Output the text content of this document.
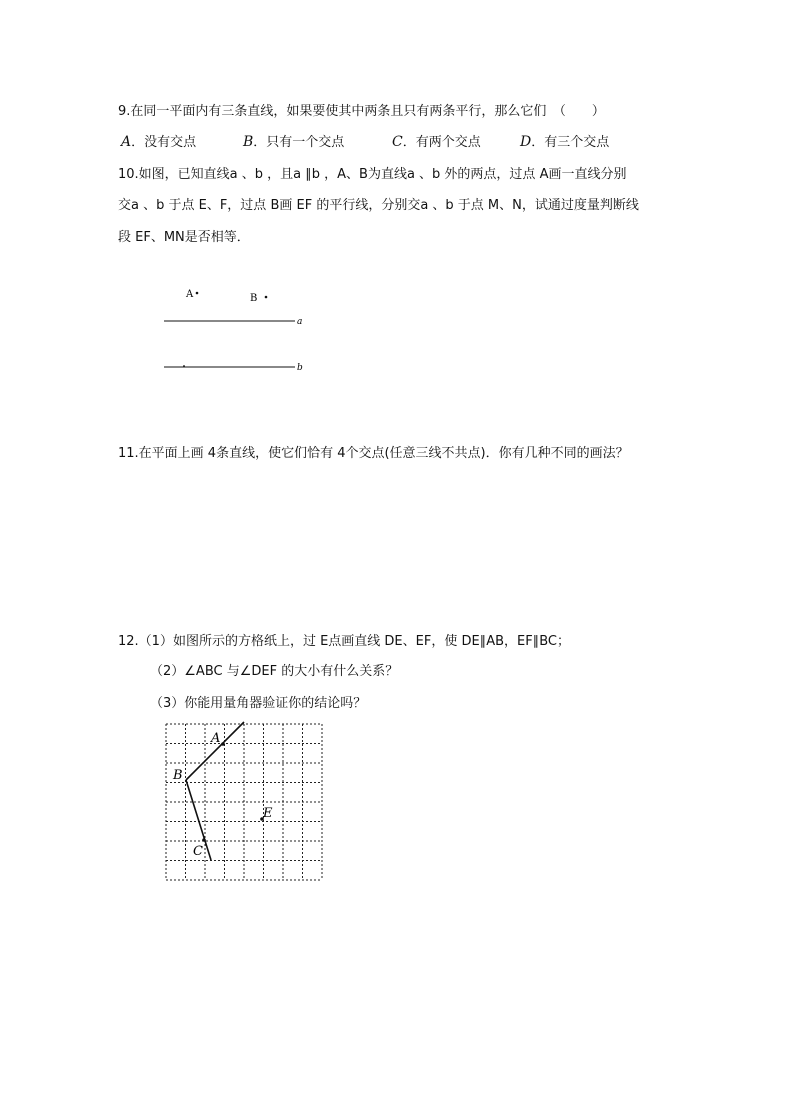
9.在同一平面内有三条直线，如果要使其中两条且只有两条平行，那么它们　（　　）
A．没有交点	B．只有一个交点	C．有两个交点	D．有三个交点
10.如图，已知直线a 、b ，且a ∥b ，A、B为直线a 、b 外的两点，过点 A画一直线分别
交a 、b 于点 E、F，过点 B画 EF 的平行线，分别交a 、b 于点 M、N，试通过度量判断线
段 EF、MN是否相等．
A	B
a
b
11.在平面上画 4条直线，使它们恰有 4个交点(任意三线不共点)．你有几种不同的画法？
12.（1）如图所示的方格纸上，过 E点画直线 DE、EF，使 DE∥AB，EF∥BC；
（2）∠ABC 与∠DEF 的大小有什么关系？
（3）你能用量角器验证你的结论吗？
A
B
E
C
